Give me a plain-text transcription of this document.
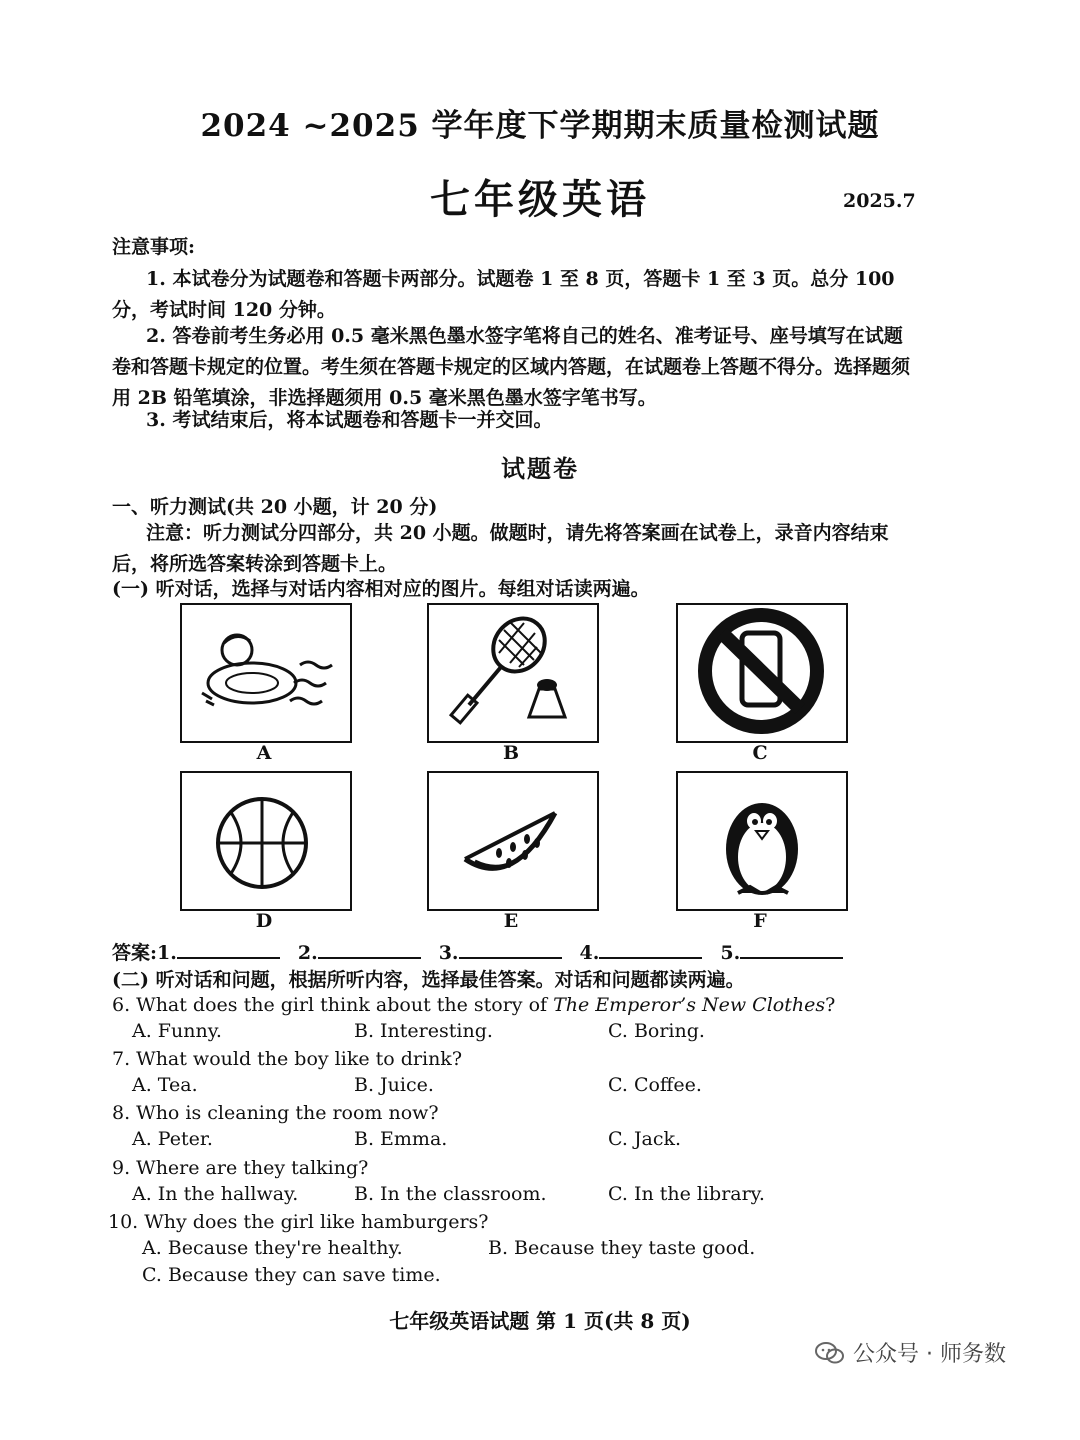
2024 ~2025 学年度下学期期末质量检测试题
七年级英语	2025.7
注意事项:
1. 本试卷分为试题卷和答题卡两部分。试题卷 1 至 8 页，答题卡 1 至 3 页。总分 100 分，考试时间 120 分钟。
2. 答卷前考生务必用 0.5 毫米黑色墨水签字笔将自己的姓名、准考证号、座号填写在试题卷和答题卡规定的位置。考生须在答题卡规定的区域内答题，在试题卷上答题不得分。选择题须用 2B 铅笔填涂，非选择题须用 0.5 毫米黑色墨水签字笔书写。
3. 考试结束后，将本试题卷和答题卡一并交回。
试题卷
一、听力测试(共 20 小题，计 20 分)
注意：听力测试分四部分，共 20 小题。做题时，请先将答案画在试卷上，录音内容结束后，将所选答案转涂到答题卡上。
(一) 听对话，选择与对话内容相对应的图片。每组对话读两遍。
A	B	C
D	E	F
答案:1.	2.	3.	4.	5.
(二) 听对话和问题，根据所听内容，选择最佳答案。对话和问题都读两遍。
6. What does the girl think about the story of The Emperor’s New Clothes?
A. Funny.	B. Interesting.	C. Boring.
7. What would the boy like to drink?
A. Tea.	B. Juice.	C. Coffee.
8. Who is cleaning the room now?
A. Peter.	B. Emma.	C. Jack.
9. Where are they talking?
A. In the hallway.	B. In the classroom.	C. In the library.
10. Why does the girl like hamburgers?
A. Because they're healthy.	B. Because they taste good.
C. Because they can save time.
七年级英语试题 第 1 页(共 8 页)
公众号 · 师务数
